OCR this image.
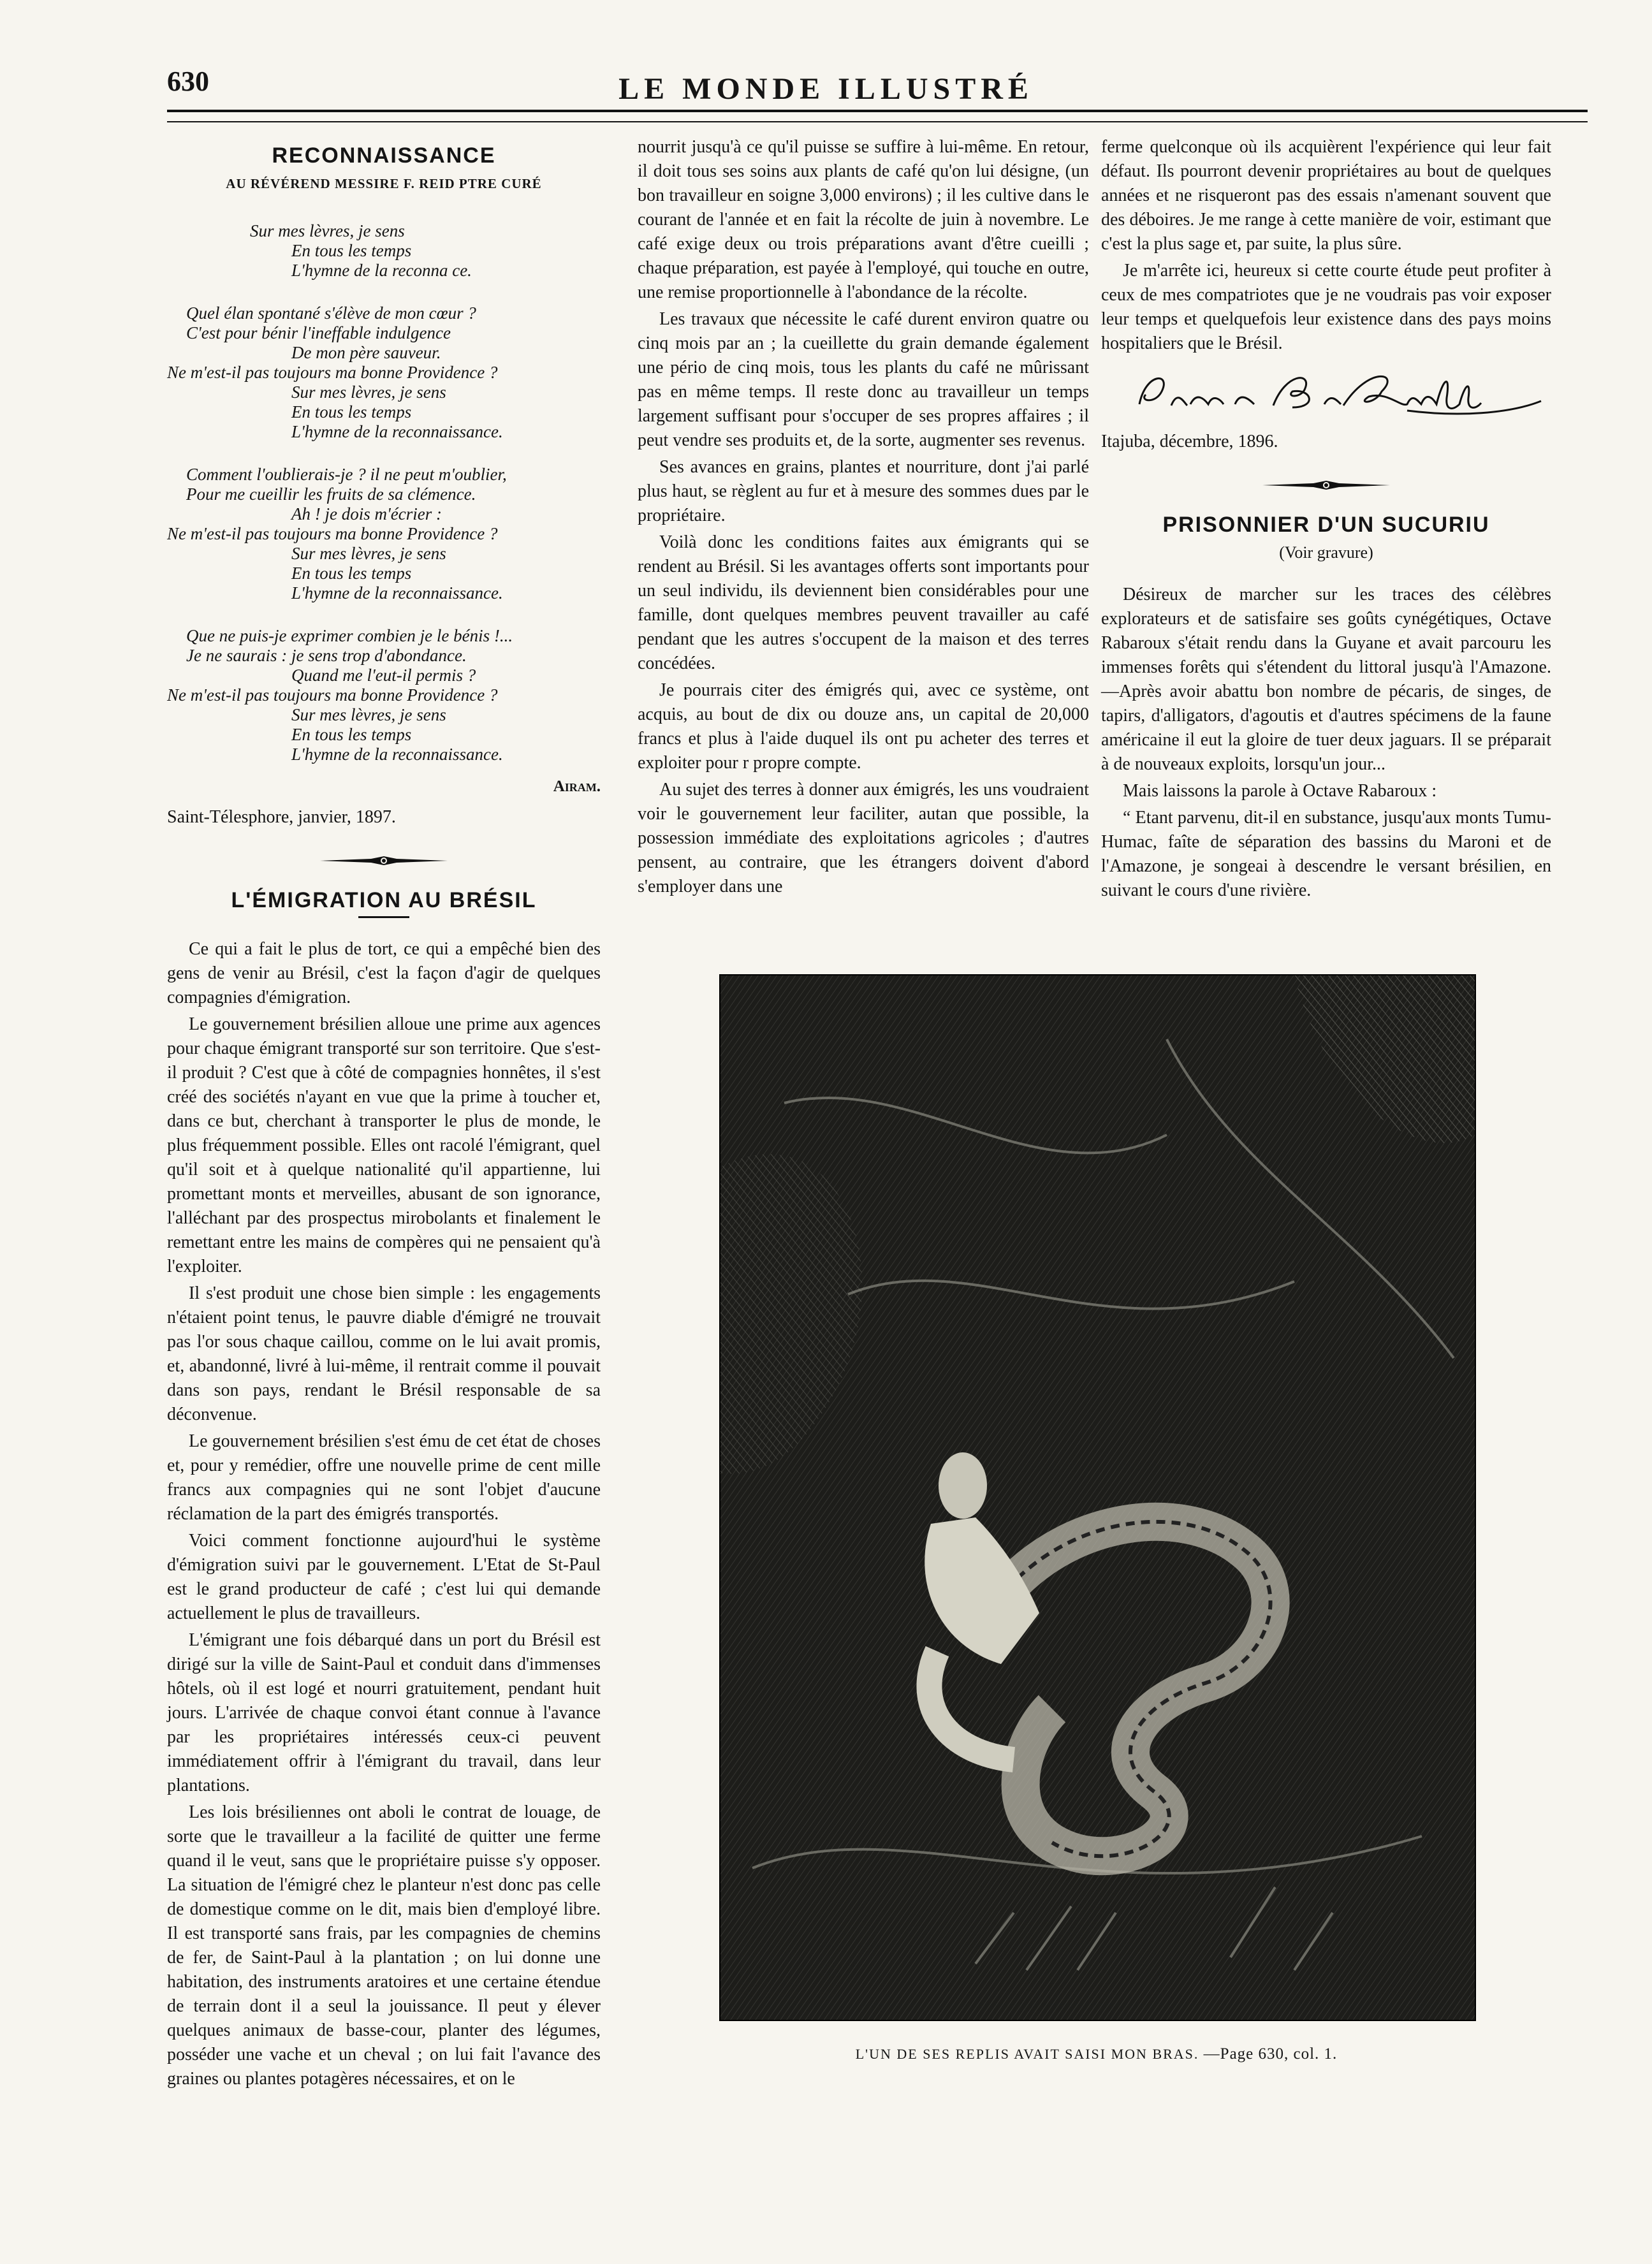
630	LE MONDE ILLUSTRÉ
RECONNAISSANCE
AU RÉVÉREND MESSIRE F. REID PTRE CURÉ
Sur mes lèvres, je sens
En tous les temps
L'hymne de la reconna ce.
Quel élan spontané s'élève de mon cœur ?
C'est pour bénir l'ineffable indulgence
De mon père sauveur.
Ne m'est-il pas toujours ma bonne Providence ?
Sur mes lèvres, je sens
En tous les temps
L'hymne de la reconnaissance.
Comment l'oublierais-je ? il ne peut m'oublier,
Pour me cueillir les fruits de sa clémence.
Ah ! je dois m'écrier :
Ne m'est-il pas toujours ma bonne Providence ?
Sur mes lèvres, je sens
En tous les temps
L'hymne de la reconnaissance.
Que ne puis-je exprimer combien je le bénis !...
Je ne saurais : je sens trop d'abondance.
Quand me l'eut-il permis ?
Ne m'est-il pas toujours ma bonne Providence ?
Sur mes lèvres, je sens
En tous les temps
L'hymne de la reconnaissance.
Airam.
Saint-Télesphore, janvier, 1897.
L'ÉMIGRATION AU BRÉSIL

Ce qui a fait le plus de tort, ce qui a empêché bien des gens de venir au Brésil, c'est la façon d'agir de quelques compagnies d'émigration.

Le gouvernement brésilien alloue une prime aux agences pour chaque émigrant transporté sur son territoire. Que s'est-il produit ? C'est que à côté de compagnies honnêtes, il s'est créé des sociétés n'ayant en vue que la prime à toucher et, dans ce but, cherchant à transporter le plus de monde, le plus fréquemment possible. Elles ont racolé l'émigrant, quel qu'il soit et à quelque nationalité qu'il appartienne, lui promettant monts et merveilles, abusant de son ignorance, l'alléchant par des prospectus mirobolants et finalement le remettant entre les mains de compères qui ne pensaient qu'à l'exploiter.

Il s'est produit une chose bien simple : les engagements n'étaient point tenus, le pauvre diable d'émigré ne trouvait pas l'or sous chaque caillou, comme on le lui avait promis, et, abandonné, livré à lui-même, il rentrait comme il pouvait dans son pays, rendant le Brésil responsable de sa déconvenue.

Le gouvernement brésilien s'est ému de cet état de choses et, pour y remédier, offre une nouvelle prime de cent mille francs aux compagnies qui ne sont l'objet d'aucune réclamation de la part des émigrés transportés.

Voici comment fonctionne aujourd'hui le système d'émigration suivi par le gouvernement. L'Etat de St-Paul est le grand producteur de café ; c'est lui qui demande actuellement le plus de travailleurs.

L'émigrant une fois débarqué dans un port du Brésil est dirigé sur la ville de Saint-Paul et conduit dans d'immenses hôtels, où il est logé et nourri gratuitement, pendant huit jours. L'arrivée de chaque convoi étant connue à l'avance par les propriétaires intéressés ceux-ci peuvent immédiatement offrir à l'émigrant du travail, dans leur plantations.

Les lois brésiliennes ont aboli le contrat de louage, de sorte que le travailleur a la facilité de quitter une ferme quand il le veut, sans que le propriétaire puisse s'y opposer. La situation de l'émigré chez le planteur n'est donc pas celle de domestique comme on le dit, mais bien d'employé libre. Il est transporté sans frais, par les compagnies de chemins de fer, de Saint-Paul à la plantation ; on lui donne une habitation, des instruments aratoires et une certaine étendue de terrain dont il a seul la jouissance. Il peut y élever quelques animaux de basse-cour, planter des légumes, posséder une vache et un cheval ; on lui fait l'avance des graines ou plantes potagères nécessaires, et on le

nourrit jusqu'à ce qu'il puisse se suffire à lui-même. En retour, il doit tous ses soins aux plants de café qu'on lui désigne, (un bon travailleur en soigne 3,000 environs) ; il les cultive dans le courant de l'année et en fait la récolte de juin à novembre. Le café exige deux ou trois préparations avant d'être cueilli ; chaque préparation, est payée à l'employé, qui touche en outre, une remise proportionnelle à l'abondance de la récolte.

Les travaux que nécessite le café durent environ quatre ou cinq mois par an ; la cueillette du grain demande également une pério de cinq mois, tous les plants du café ne mûrissant pas en même temps. Il reste donc au travailleur un temps largement suffisant pour s'occuper de ses propres affaires ; il peut vendre ses produits et, de la sorte, augmenter ses revenus.

Ses avances en grains, plantes et nourriture, dont j'ai parlé plus haut, se règlent au fur et à mesure des sommes dues par le propriétaire.

Voilà donc les conditions faites aux émigrants qui se rendent au Brésil. Si les avantages offerts sont importants pour un seul individu, ils deviennent bien considérables pour une famille, dont quelques membres peuvent travailler au café pendant que les autres s'occupent de la maison et des terres concédées.

Je pourrais citer des émigrés qui, avec ce système, ont acquis, au bout de dix ou douze ans, un capital de 20,000 francs et plus à l'aide duquel ils ont pu acheter des terres et exploiter pour r propre compte.

Au sujet des terres à donner aux émigrés, les uns voudraient voir le gouvernement leur faciliter, autan que possible, la possession immédiate des exploitations agricoles ; d'autres pensent, au contraire, que les étrangers doivent d'abord s'employer dans une

ferme quelconque où ils acquièrent l'expérience qui leur fait défaut. Ils pourront devenir propriétaires au bout de quelques années et ne risqueront pas des essais n'amenant souvent que des déboires. Je me range à cette manière de voir, estimant que c'est la plus sage et, par suite, la plus sûre.

Je m'arrête ici, heureux si cette courte étude peut profiter à ceux de mes compatriotes que je ne voudrais pas voir exposer leur temps et quelquefois leur existence dans des pays moins hospitaliers que le Brésil.

Itajuba, décembre, 1896.
PRISONNIER D'UN SUCURIU
(Voir gravure)

Désireux de marcher sur les traces des célèbres explorateurs et de satisfaire ses goûts cynégétiques, Octave Rabaroux s'était rendu dans la Guyane et avait parcouru les immenses forêts qui s'étendent du littoral jusqu'à l'Amazone.—Après avoir abattu bon nombre de pécaris, de singes, de tapirs, d'alligators, d'agoutis et d'autres spécimens de la faune américaine il eut la gloire de tuer deux jaguars. Il se préparait à de nouveaux exploits, lorsqu'un jour...

Mais laissons la parole à Octave Rabaroux :

“ Etant parvenu, dit-il en substance, jusqu'aux monts Tumu-Humac, faîte de séparation des bassins du Maroni et de l'Amazone, je songeai à descendre le versant brésilien, en suivant le cours d'une rivière.

L'UN DE SES REPLIS AVAIT SAISI MON BRAS. —Page 630, col. 1.
